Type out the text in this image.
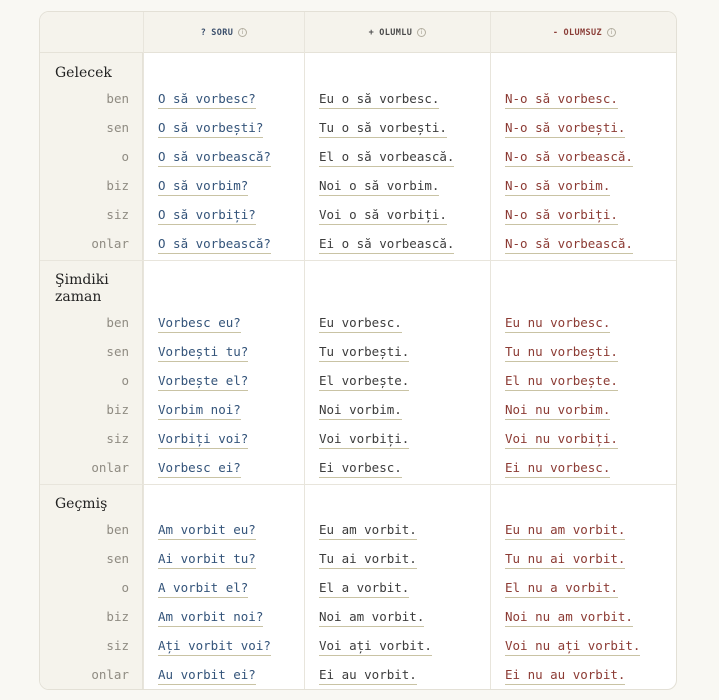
? SORU	i	+ OLUMLU	i	- OLUMSUZ	i
Gelecek
ben O să vorbesc?	Eu o să vorbesc.	N-o să vorbesc.
sen O să vorbești?	Tu o să vorbești.	N-o să vorbești.
o O să vorbească?	El o să vorbească.	N-o să vorbească.
biz O să vorbim?	Noi o să vorbim.	N-o să vorbim.
siz O să vorbiți?	Voi o să vorbiți.	N-o să vorbiți.
onlar O să vorbească?	Ei o să vorbească.	N-o să vorbească.
Şimdiki zaman
ben Vorbesc eu?	Eu vorbesc.	Eu nu vorbesc.
sen Vorbești tu?	Tu vorbești.	Tu nu vorbești.
o Vorbește el?	El vorbește.	El nu vorbește.
biz Vorbim noi?	Noi vorbim.	Noi nu vorbim.
siz Vorbiți voi?	Voi vorbiți.	Voi nu vorbiți.
onlar Vorbesc ei?	Ei vorbesc.	Ei nu vorbesc.
Geçmiş
ben Am vorbit eu?	Eu am vorbit.	Eu nu am vorbit.
sen Ai vorbit tu?	Tu ai vorbit.	Tu nu ai vorbit.
o A vorbit el?	El a vorbit.	El nu a vorbit.
biz Am vorbit noi?	Noi am vorbit.	Noi nu am vorbit.
siz Ați vorbit voi?	Voi ați vorbit.	Voi nu ați vorbit.
onlar Au vorbit ei?	Ei au vorbit.	Ei nu au vorbit.
